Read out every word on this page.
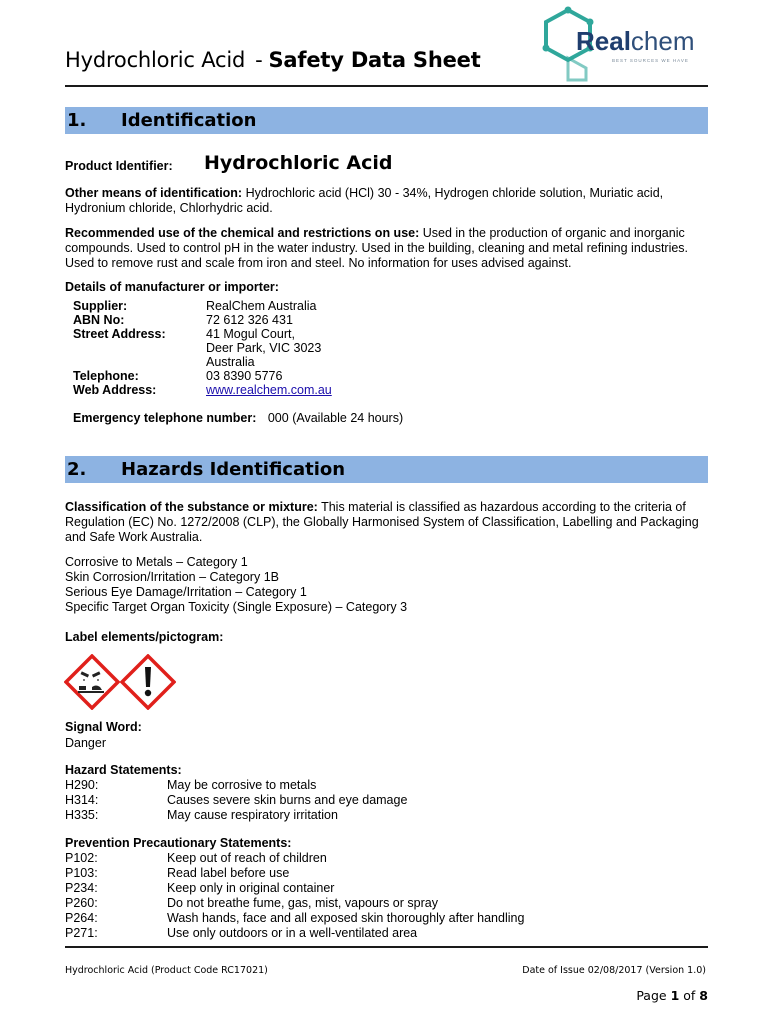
Hydrochloric Acid - Safety Data Sheet
Realchem
BEST SOURCES WE HAVE
1. Identification
Product Identifier: Hydrochloric Acid
Other means of identification: Hydrochloric acid (HCl) 30 - 34%, Hydrogen chloride solution, Muriatic acid, Hydronium chloride, Chlorhydric acid.
Recommended use of the chemical and restrictions on use: Used in the production of organic and inorganic compounds. Used to control pH in the water industry. Used in the building, cleaning and metal refining industries. Used to remove rust and scale from iron and steel. No information for uses advised against.
Details of manufacturer or importer:
Supplier:	RealChem Australia
ABN No:	72 612 326 431
Street Address:	41 Mogul Court,
Deer Park, VIC 3023
Australia
Telephone:	03 8390 5776
Web Address:	www.realchem.com.au
Emergency telephone number: 000 (Available 24 hours)
2. Hazards Identification
Classification of the substance or mixture: This material is classified as hazardous according to the criteria of Regulation (EC) No. 1272/2008 (CLP), the Globally Harmonised System of Classification, Labelling and Packaging and Safe Work Australia.
Corrosive to Metals – Category 1
Skin Corrosion/Irritation – Category 1B
Serious Eye Damage/Irritation – Category 1
Specific Target Organ Toxicity (Single Exposure) – Category 3
Label elements/pictogram:
Signal Word:
Danger
Hazard Statements:
H290:	May be corrosive to metals
H314:	Causes severe skin burns and eye damage
H335:	May cause respiratory irritation
Prevention Precautionary Statements:
P102:	Keep out of reach of children
P103:	Read label before use
P234:	Keep only in original container
P260:	Do not breathe fume, gas, mist, vapours or spray
P264:	Wash hands, face and all exposed skin thoroughly after handling
P271:	Use only outdoors or in a well-ventilated area
Hydrochloric Acid (Product Code RC17021)	Date of Issue 02/08/2017 (Version 1.0)
Page 1 of 8
